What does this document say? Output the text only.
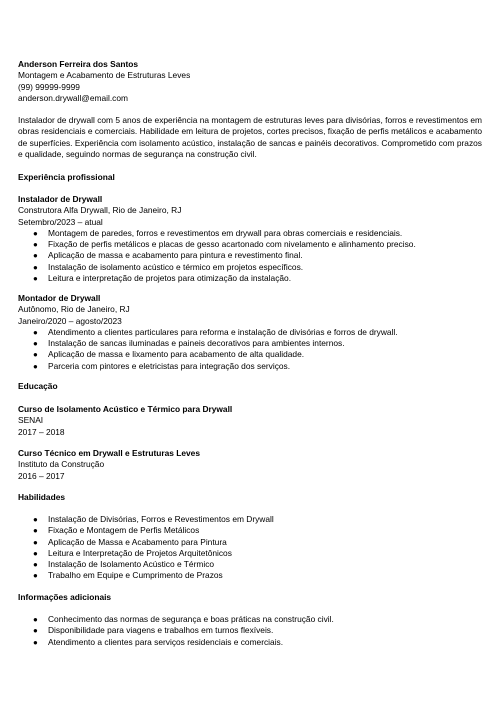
Anderson Ferreira dos Santos
Montagem e Acabamento de Estruturas Leves
(99) 99999-9999
anderson.drywall@email.com
Instalador de drywall com 5 anos de experiência na montagem de estruturas leves para divisórias, forros e revestimentos em obras residenciais e comerciais. Habilidade em leitura de projetos, cortes precisos, fixação de perfis metálicos e acabamento de superfícies. Experiência com isolamento acústico, instalação de sancas e painéis decorativos. Comprometido com prazos e qualidade, seguindo normas de segurança na construção civil.
Experiência profissional
Instalador de Drywall
Construtora Alfa Drywall, Rio de Janeiro, RJ
Setembro/2023 – atual
● Montagem de paredes, forros e revestimentos em drywall para obras comerciais e residenciais.
● Fixação de perfis metálicos e placas de gesso acartonado com nivelamento e alinhamento preciso.
● Aplicação de massa e acabamento para pintura e revestimento final.
● Instalação de isolamento acústico e térmico em projetos específicos.
● Leitura e interpretação de projetos para otimização da instalação.
Montador de Drywall
Autônomo, Rio de Janeiro, RJ
Janeiro/2020 – agosto/2023
● Atendimento a clientes particulares para reforma e instalação de divisórias e forros de drywall.
● Instalação de sancas iluminadas e paineis decorativos para ambientes internos.
● Aplicação de massa e lixamento para acabamento de alta qualidade.
● Parceria com pintores e eletricistas para integração dos serviços.
Educação
Curso de Isolamento Acústico e Térmico para Drywall
SENAI
2017 – 2018
Curso Técnico em Drywall e Estruturas Leves
Instituto da Construção
2016 – 2017
Habilidades
● Instalação de Divisórias, Forros e Revestimentos em Drywall
● Fixação e Montagem de Perfis Metálicos
● Aplicação de Massa e Acabamento para Pintura
● Leitura e Interpretação de Projetos Arquitetônicos
● Instalação de Isolamento Acústico e Térmico
● Trabalho em Equipe e Cumprimento de Prazos
Informações adicionais
● Conhecimento das normas de segurança e boas práticas na construção civil.
● Disponibilidade para viagens e trabalhos em turnos flexíveis.
● Atendimento a clientes para serviços residenciais e comerciais.
